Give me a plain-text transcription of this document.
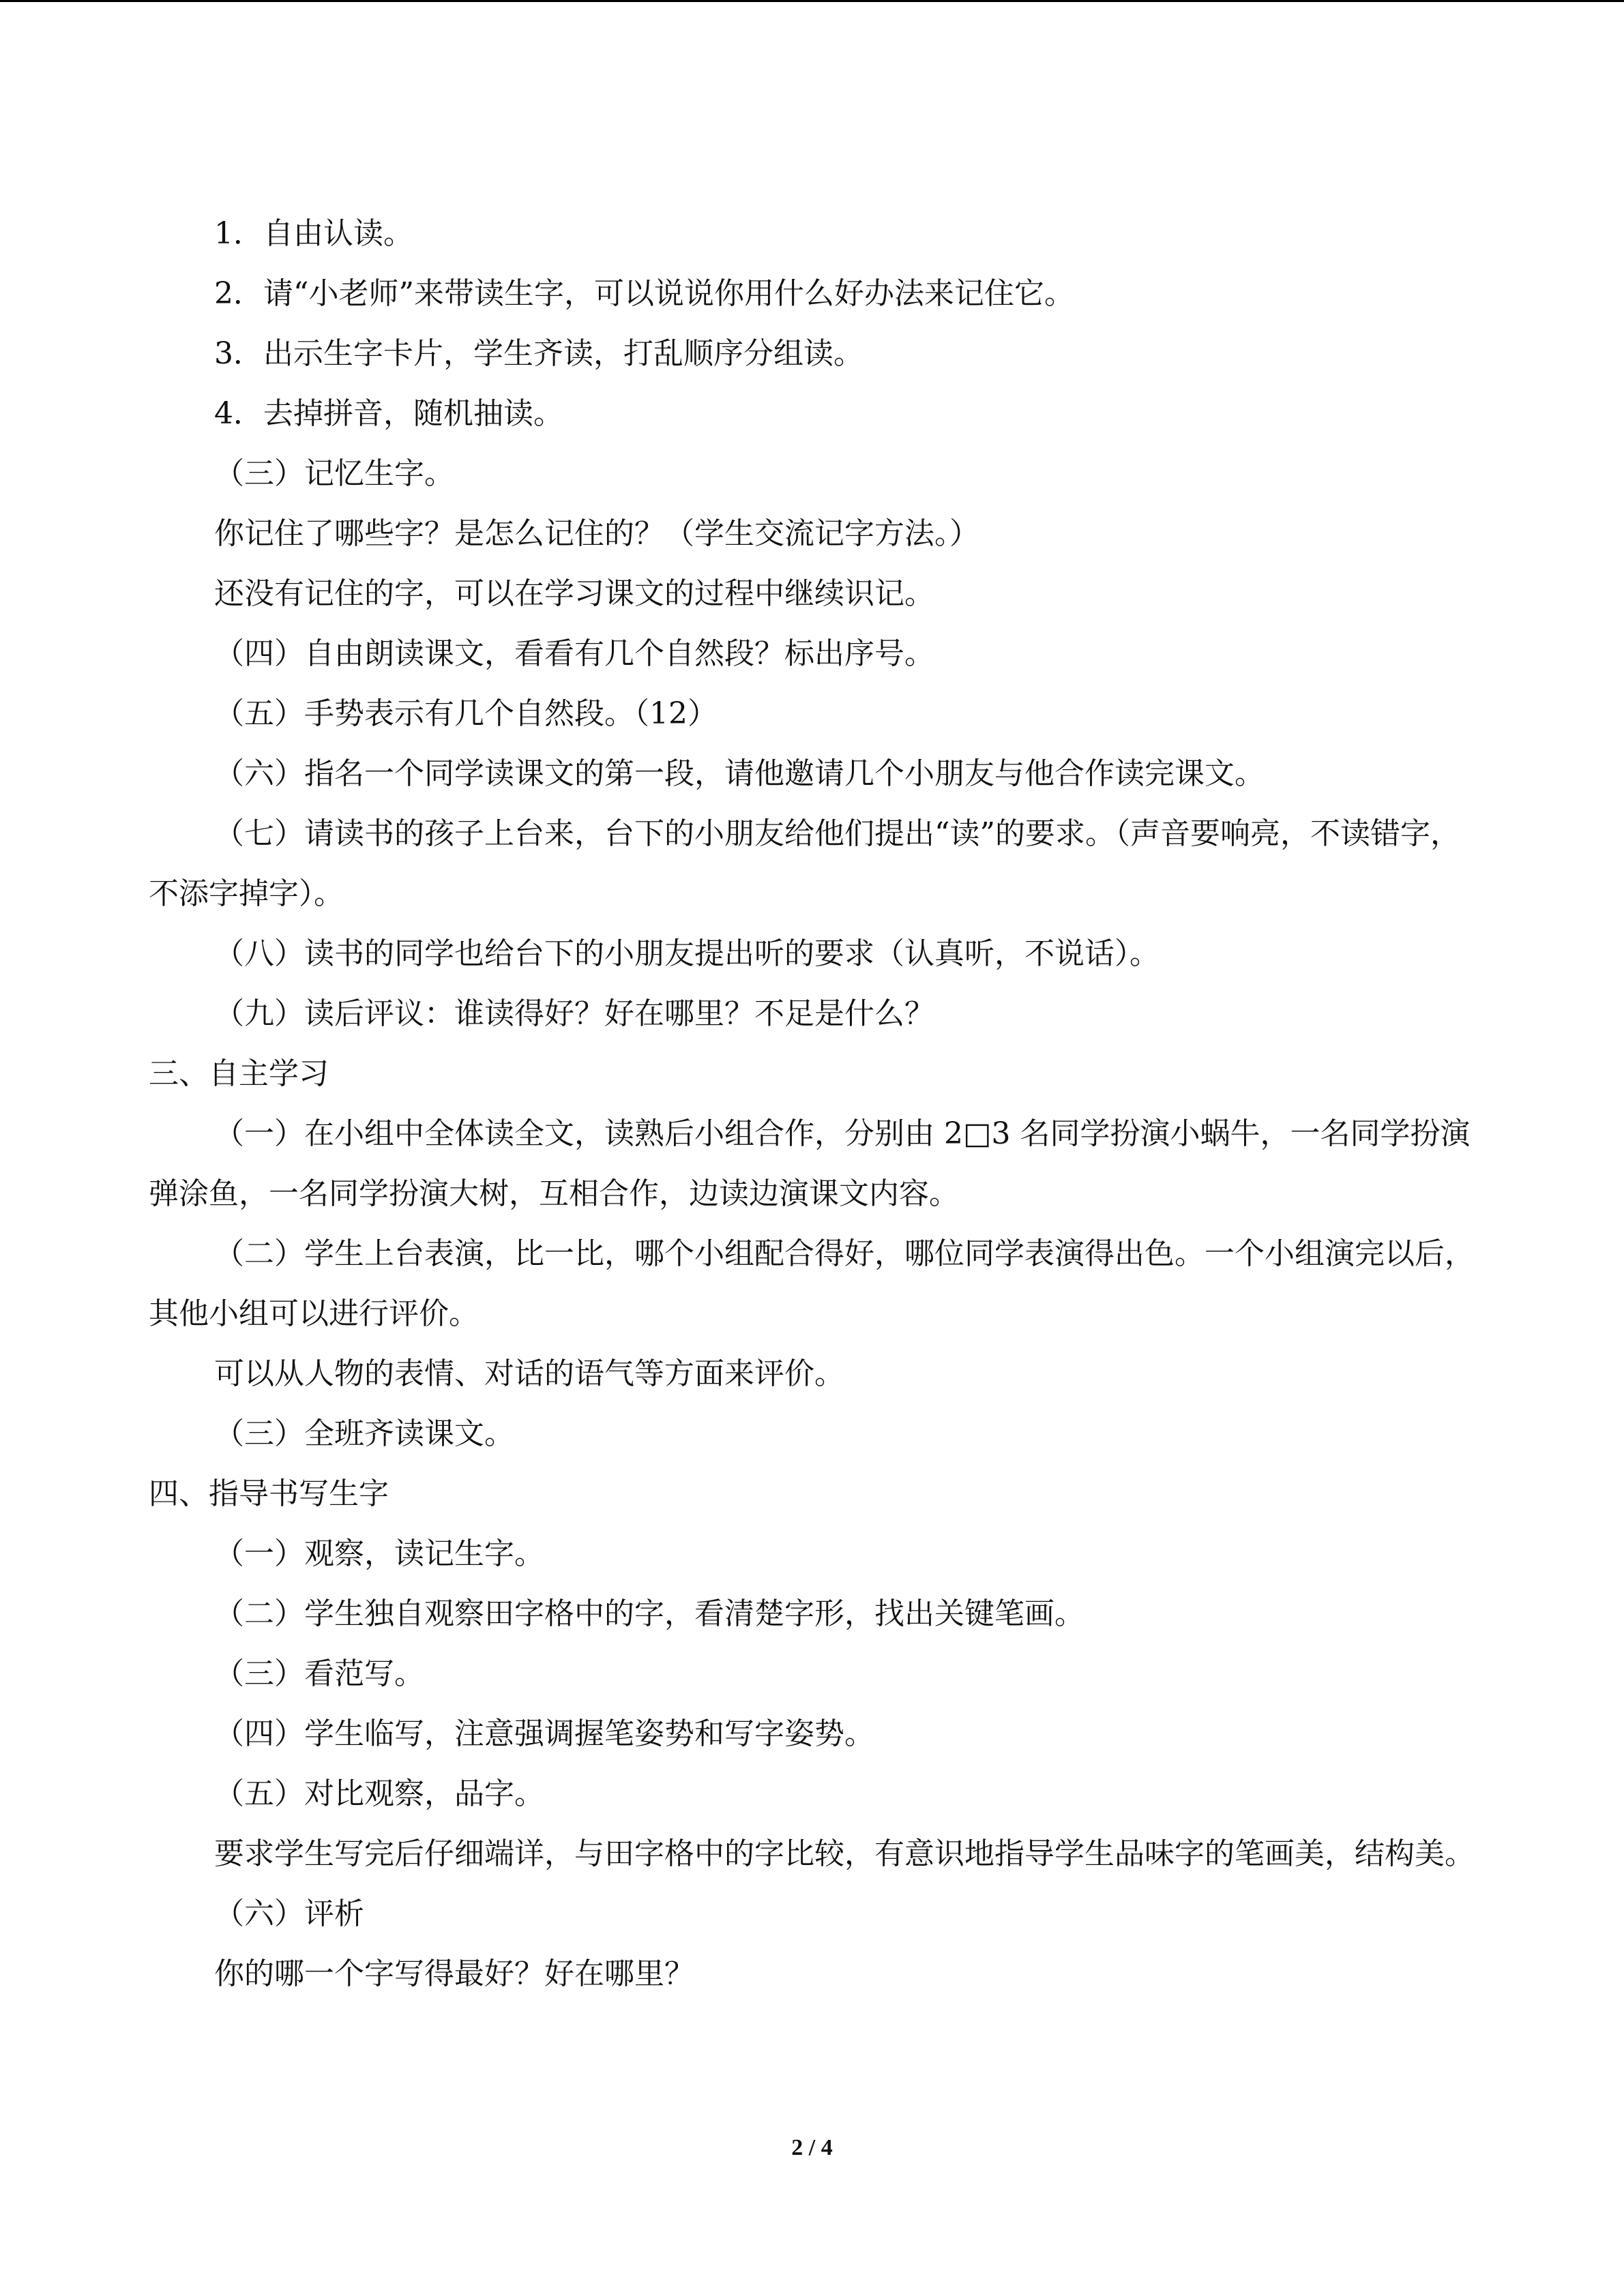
1．自由认读。

2．请“小老师”来带读生字，可以说说你用什么好办法来记住它。

3．出示生字卡片，学生齐读，打乱顺序分组读。

4．去掉拼音，随机抽读。

（三）记忆生字。

你记住了哪些字？是怎么记住的？（学生交流记字方法。）

还没有记住的字，可以在学习课文的过程中继续识记。

（四）自由朗读课文，看看有几个自然段？标出序号。

（五）手势表示有几个自然段。（12）

（六）指名一个同学读课文的第一段，请他邀请几个小朋友与他合作读完课文。

（七）请读书的孩子上台来，台下的小朋友给他们提出“读”的要求。（声音要响亮，不读错字，不添字掉字）。

（八）读书的同学也给台下的小朋友提出听的要求（认真听，不说话）。

（九）读后评议：谁读得好？好在哪里？不足是什么？

三、自主学习

（一）在小组中全体读全文，读熟后小组合作，分别由 2□3 名同学扮演小蜗牛，一名同学扮演弹涂鱼，一名同学扮演大树，互相合作，边读边演课文内容。

（二）学生上台表演，比一比，哪个小组配合得好，哪位同学表演得出色。一个小组演完以后，其他小组可以进行评价。

可以从人物的表情、对话的语气等方面来评价。

（三）全班齐读课文。

四、指导书写生字

（一）观察，读记生字。

（二）学生独自观察田字格中的字，看清楚字形，找出关键笔画。

（三）看范写。

（四）学生临写，注意强调握笔姿势和写字姿势。

（五）对比观察，品字。

要求学生写完后仔细端详，与田字格中的字比较，有意识地指导学生品味字的笔画美，结构美。

（六）评析

你的哪一个字写得最好？好在哪里？

2 / 4
